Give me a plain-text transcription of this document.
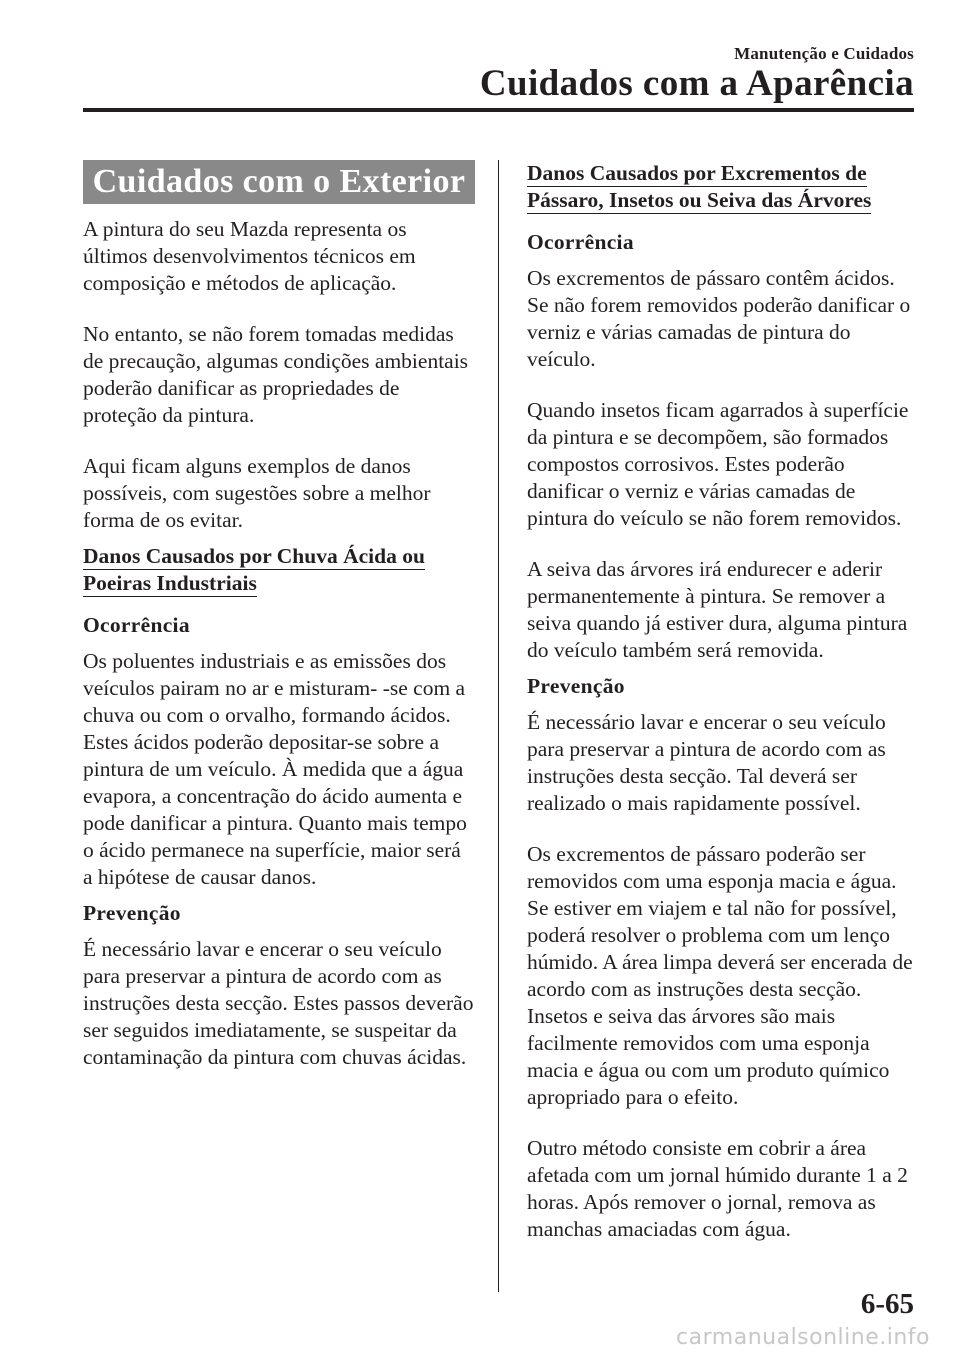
Manutenção e Cuidados
Cuidados com a Aparência
Cuidados com o Exterior

A pintura do seu Mazda representa os últimos desenvolvimentos técnicos em composição e métodos de aplicação.

No entanto, se não forem tomadas medidas de precaução, algumas condições ambientais poderão danificar as propriedades de proteção da pintura.

Aqui ficam alguns exemplos de danos possíveis, com sugestões sobre a melhor forma de os evitar.

Danos Causados por Chuva Ácida ou
Poeiras Industriais
Ocorrência

Os poluentes industriais e as emissões dos veículos pairam no ar e misturam- -se com a chuva ou com o orvalho, formando ácidos. Estes ácidos poderão depositar-se sobre a pintura de um veículo. À medida que a água evapora, a concentração do ácido aumenta e pode danificar a pintura. Quanto mais tempo o ácido permanece na superfície, maior será a hipótese de causar danos.

Prevenção

É necessário lavar e encerar o seu veículo para preservar a pintura de acordo com as instruções desta secção. Estes passos deverão ser seguidos imediatamente, se suspeitar da contaminação da pintura com chuvas ácidas.

Danos Causados por Excrementos de
Pássaro, Insetos ou Seiva das Árvores
Ocorrência

Os excrementos de pássaro contêm ácidos. Se não forem removidos poderão danificar o verniz e várias camadas de pintura do veículo.

Quando insetos ficam agarrados à superfície da pintura e se decompõem, são formados compostos corrosivos. Estes poderão danificar o verniz e várias camadas de pintura do veículo se não forem removidos.

A seiva das árvores irá endurecer e aderir permanentemente à pintura. Se remover a seiva quando já estiver dura, alguma pintura do veículo também será removida.

Prevenção

É necessário lavar e encerar o seu veículo para preservar a pintura de acordo com as instruções desta secção. Tal deverá ser realizado o mais rapidamente possível.

Os excrementos de pássaro poderão ser removidos com uma esponja macia e água. Se estiver em viajem e tal não for possível, poderá resolver o problema com um lenço húmido. A área limpa deverá ser encerada de acordo com as instruções desta secção. Insetos e seiva das árvores são mais facilmente removidos com uma esponja macia e água ou com um produto químico apropriado para o efeito.

Outro método consiste em cobrir a área afetada com um jornal húmido durante 1 a 2 horas. Após remover o jornal, remova as manchas amaciadas com água.

6-65
carmanualsonline.info
